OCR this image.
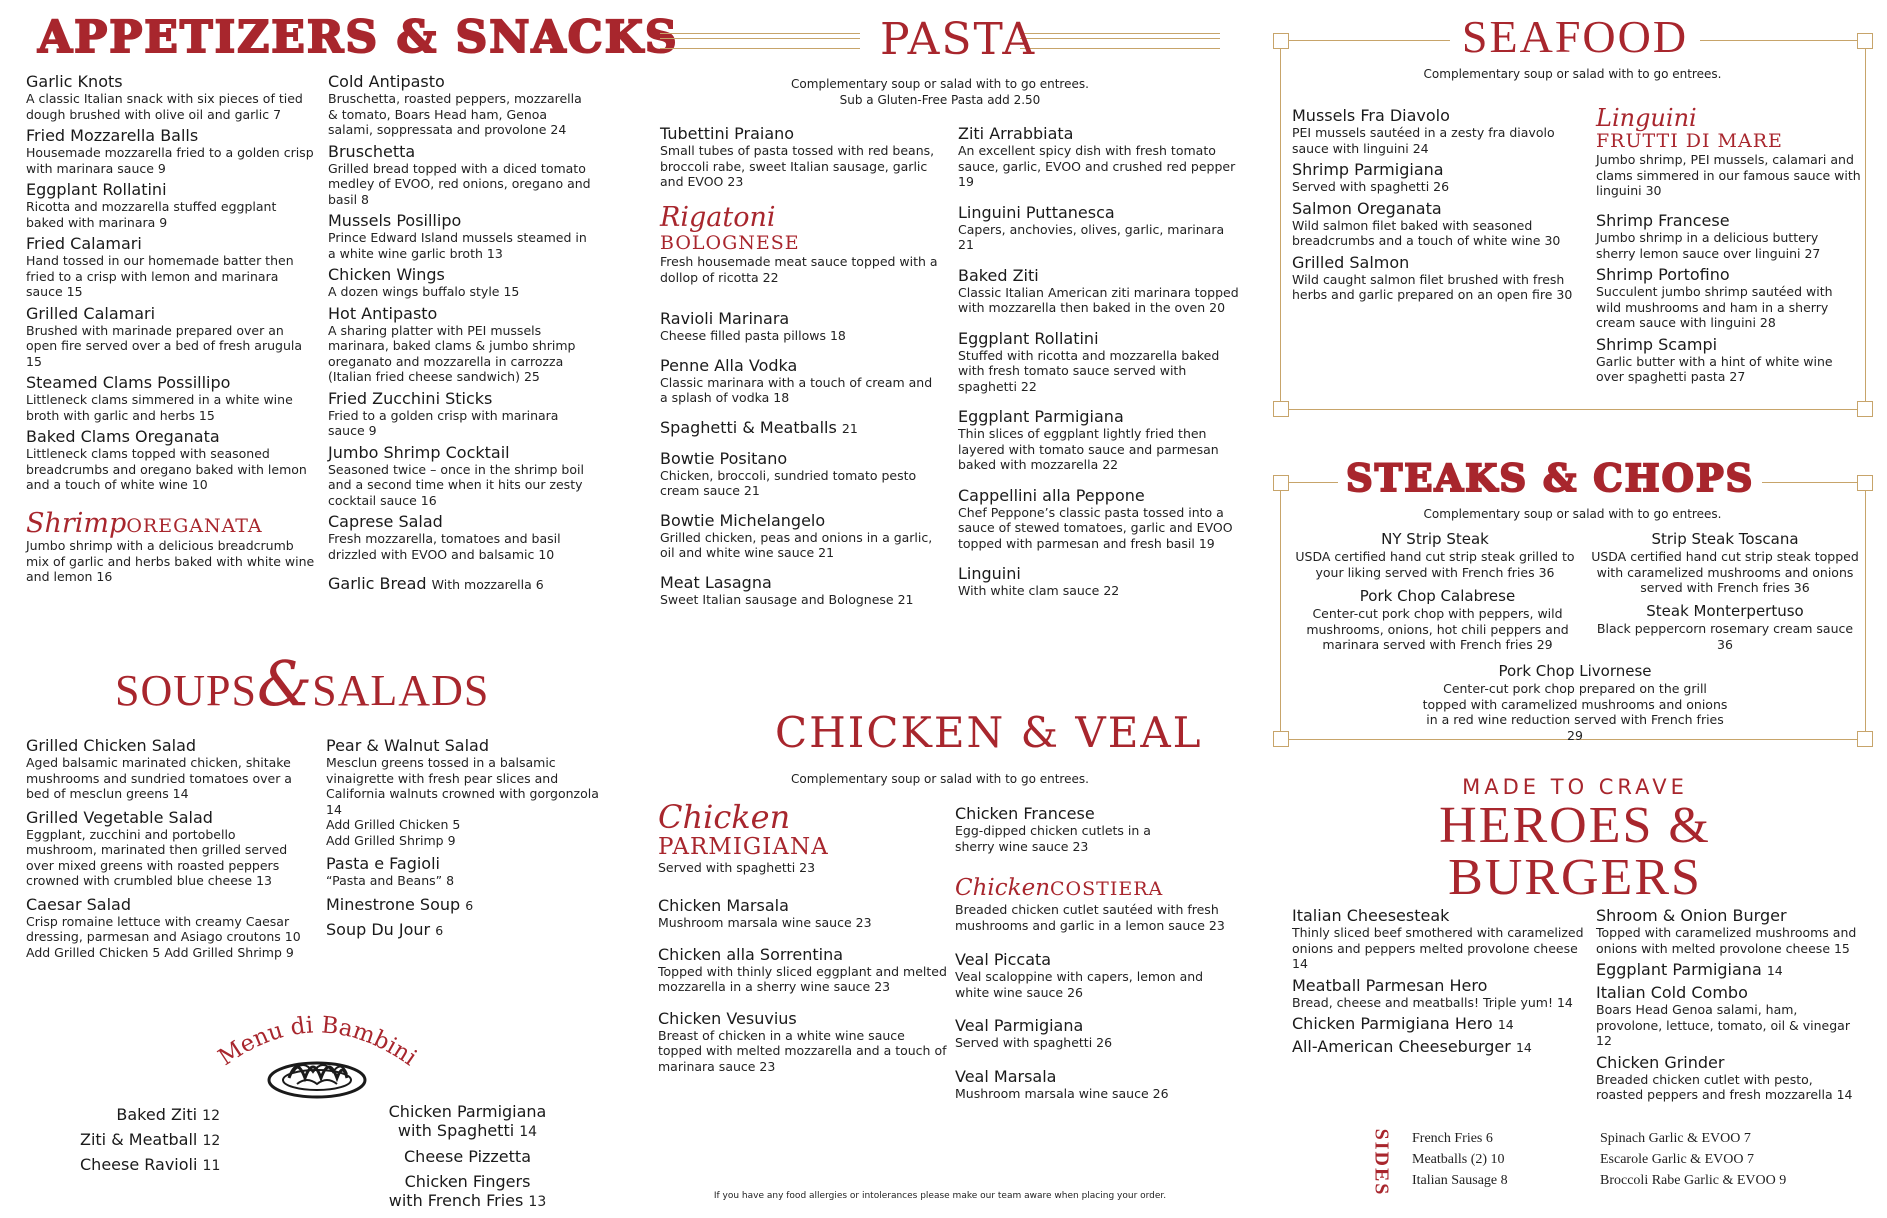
APPETIZERS & SNACKS
Garlic Knots
A classic Italian snack with six pieces of tied dough brushed with olive oil and garlic 7
Fried Mozzarella Balls
Housemade mozzarella fried to a golden crisp with marinara sauce 9
Eggplant Rollatini
Ricotta and mozzarella stuffed eggplant baked with marinara 9
Fried Calamari
Hand tossed in our homemade batter then fried to a crisp with lemon and marinara sauce 15
Grilled Calamari
Brushed with marinade prepared over an open fire served over a bed of fresh arugula 15
Steamed Clams Possillipo
Littleneck clams simmered in a white wine broth with garlic and herbs 15
Baked Clams Oreganata
Littleneck clams topped with seasoned breadcrumbs and oregano baked with lemon and a touch of white wine 10
ShrimpOREGANATA
Jumbo shrimp with a delicious breadcrumb mix of garlic and herbs baked with white wine and lemon 16
Cold Antipasto
Bruschetta, roasted peppers, mozzarella & tomato, Boars Head ham, Genoa salami, soppressata and provolone 24
Bruschetta
Grilled bread topped with a diced tomato medley of EVOO, red onions, oregano and basil 8
Mussels Posillipo
Prince Edward Island mussels steamed in a white wine garlic broth 13
Chicken Wings
A dozen wings buffalo style 15
Hot Antipasto
A sharing platter with PEI mussels marinara, baked clams & jumbo shrimp oreganato and mozzarella in carrozza (Italian fried cheese sandwich) 25
Fried Zucchini Sticks
Fried to a golden crisp with marinara sauce 9
Jumbo Shrimp Cocktail
Seasoned twice – once in the shrimp boil and a second time when it hits our zesty cocktail sauce 16
Caprese Salad
Fresh mozzarella, tomatoes and basil drizzled with EVOO and balsamic 10
Garlic Bread With mozzarella 6
SOUPS&SALADS
Grilled Chicken Salad
Aged balsamic marinated chicken, shitake mushrooms and sundried tomatoes over a bed of mesclun greens 14
Grilled Vegetable Salad
Eggplant, zucchini and portobello mushroom, marinated then grilled served over mixed greens with roasted peppers crowned with crumbled blue cheese 13
Caesar Salad
Crisp romaine lettuce with creamy Caesar dressing, parmesan and Asiago croutons 10
Add Grilled Chicken 5 Add Grilled Shrimp 9
Pear & Walnut Salad
Mesclun greens tossed in a balsamic vinaigrette with fresh pear slices and California walnuts crowned with gorgonzola 14
Add Grilled Chicken 5
Add Grilled Shrimp 9
Pasta e Fagioli
“Pasta and Beans” 8
Minestrone Soup 6
Soup Du Jour 6
Menu di Bambini
Baked Ziti 12
Ziti & Meatball 12
Cheese Ravioli 11
Chicken Parmigiana
with Spaghetti 14
Cheese Pizzetta
Chicken Fingers
with French Fries 13
PASTA
Complementary soup or salad with to go entrees.
Sub a Gluten-Free Pasta add 2.50
Tubettini Praiano
Small tubes of pasta tossed with red beans, broccoli rabe, sweet Italian sausage, garlic and EVOO 23
Rigatoni
BOLOGNESE
Fresh housemade meat sauce topped with a dollop of ricotta 22
Ravioli Marinara
Cheese filled pasta pillows 18
Penne Alla Vodka
Classic marinara with a touch of cream and a splash of vodka 18
Spaghetti & Meatballs 21
Bowtie Positano
Chicken, broccoli, sundried tomato pesto cream sauce 21
Bowtie Michelangelo
Grilled chicken, peas and onions in a garlic, oil and white wine sauce 21
Meat Lasagna
Sweet Italian sausage and Bolognese 21
Ziti Arrabbiata
An excellent spicy dish with fresh tomato sauce, garlic, EVOO and crushed red pepper 19
Linguini Puttanesca
Capers, anchovies, olives, garlic, marinara 21
Baked Ziti
Classic Italian American ziti marinara topped with mozzarella then baked in the oven 20
Eggplant Rollatini
Stuffed with ricotta and mozzarella baked with fresh tomato sauce served with spaghetti 22
Eggplant Parmigiana
Thin slices of eggplant lightly fried then layered with tomato sauce and parmesan baked with mozzarella 22
Cappellini alla Peppone
Chef Peppone’s classic pasta tossed into a sauce of stewed tomatoes, garlic and EVOO topped with parmesan and fresh basil 19
Linguini
With white clam sauce 22
CHICKEN & VEAL
Complementary soup or salad with to go entrees.
Chicken
PARMIGIANA
Served with spaghetti 23
Chicken Marsala
Mushroom marsala wine sauce 23
Chicken alla Sorrentina
Topped with thinly sliced eggplant and melted mozzarella in a sherry wine sauce 23
Chicken Vesuvius
Breast of chicken in a white wine sauce topped with melted mozzarella and a touch of marinara sauce 23
Chicken Francese
Egg-dipped chicken cutlets in a sherry wine sauce 23
ChickenCOSTIERA
Breaded chicken cutlet sautéed with fresh mushrooms and garlic in a lemon sauce 23
Veal Piccata
Veal scaloppine with capers, lemon and white wine sauce 26
Veal Parmigiana
Served with spaghetti 26
Veal Marsala
Mushroom marsala wine sauce 26
If you have any food allergies or intolerances please make our team aware when placing your order.
SEAFOOD
Complementary soup or salad with to go entrees.
Mussels Fra Diavolo
PEI mussels sautéed in a zesty fra diavolo sauce with linguini 24
Shrimp Parmigiana
Served with spaghetti 26
Salmon Oreganata
Wild salmon filet baked with seasoned breadcrumbs and a touch of white wine 30
Grilled Salmon
Wild caught salmon filet brushed with fresh herbs and garlic prepared on an open fire 30
Linguini
FRUTTI DI MARE
Jumbo shrimp, PEI mussels, calamari and clams simmered in our famous sauce with linguini 30
Shrimp Francese
Jumbo shrimp in a delicious buttery sherry lemon sauce over linguini 27
Shrimp Portofino
Succulent jumbo shrimp sautéed with wild mushrooms and ham in a sherry cream sauce with linguini 28
Shrimp Scampi
Garlic butter with a hint of white wine over spaghetti pasta 27
STEAKS & CHOPS
Complementary soup or salad with to go entrees.
NY Strip Steak
USDA certified hand cut strip steak grilled to your liking served with French fries 36
Strip Steak Toscana
USDA certified hand cut strip steak topped with caramelized mushrooms and onions served with French fries 36
Pork Chop Calabrese
Center-cut pork chop with peppers, wild mushrooms, onions, hot chili peppers and marinara served with French fries 29
Steak Monterpertuso
Black peppercorn rosemary cream sauce 36
Pork Chop Livornese
Center-cut pork chop prepared on the grill topped with caramelized mushrooms and onions in a red wine reduction served with French fries 29
MADE TO CRAVE
HEROES &
BURGERS
Italian Cheesesteak
Thinly sliced beef smothered with caramelized onions and peppers melted provolone cheese 14
Meatball Parmesan Hero
Bread, cheese and meatballs! Triple yum! 14
Chicken Parmigiana Hero 14
All-American Cheeseburger 14
Shroom & Onion Burger
Topped with caramelized mushrooms and onions with melted provolone cheese 15
Eggplant Parmigiana 14
Italian Cold Combo
Boars Head Genoa salami, ham, provolone, lettuce, tomato, oil & vinegar 12
Chicken Grinder
Breaded chicken cutlet with pesto, roasted peppers and fresh mozzarella 14
SIDES French Fries 6
Meatballs (2) 10
Italian Sausage 8
Spinach Garlic & EVOO 7
Escarole Garlic & EVOO 7
Broccoli Rabe Garlic & EVOO 9
